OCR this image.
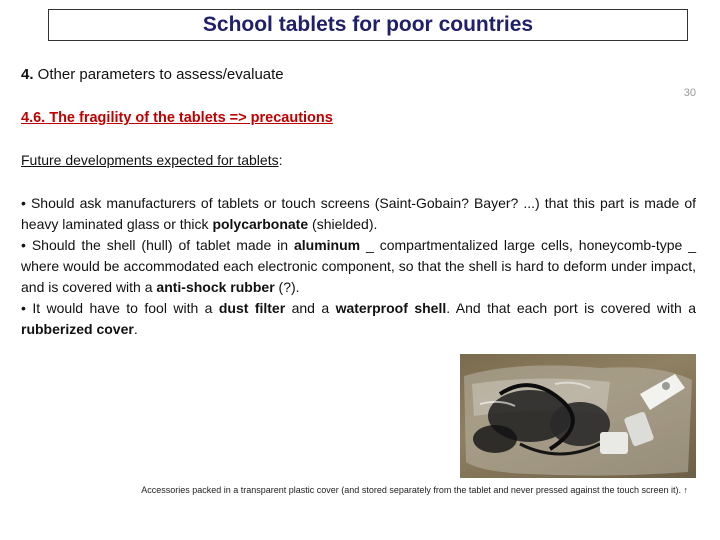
School tablets for poor countries
4. Other parameters to assess/evaluate
30
4.6. The fragility of the tablets => precautions
Future developments expected for tablets:

• Should ask manufacturers of tablets or touch screens (Saint-Gobain? Bayer? ...) that this part is made of heavy laminated glass or thick polycarbonate (shielded).

• Should the shell (hull) of tablet made in aluminum _ compartmentalized large cells, honeycomb-type _ where would be accommodated each electronic component, so that the shell is hard to deform under impact, and is covered with a anti-shock rubber (?).

• It would have to fool with a dust filter and a waterproof shell. And that each port is covered with a rubberized cover.

Accessories packed in a transparent plastic cover (and stored separately from the tablet and never pressed against the touch screen it). ↑
